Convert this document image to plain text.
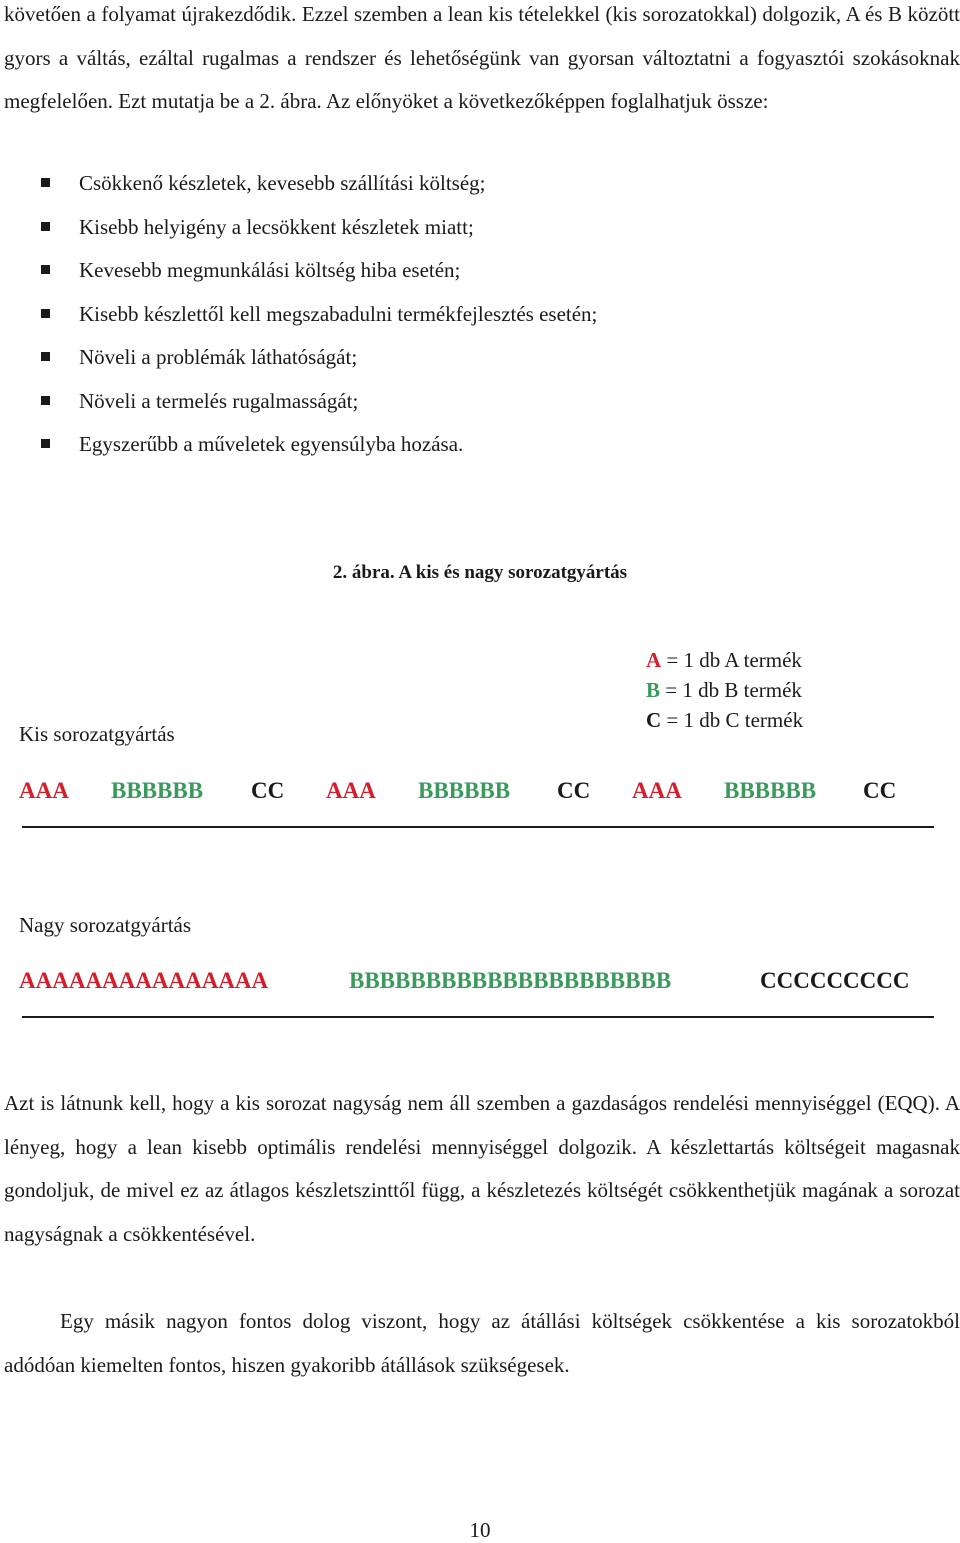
követően a folyamat újrakezdődik. Ezzel szemben a lean kis tételekkel (kis sorozatokkal) dolgozik, A és B között gyors a váltás, ezáltal rugalmas a rendszer és lehetőségünk van gyorsan változtatni a fogyasztói szokásoknak megfelelően. Ezt mutatja be a 2. ábra. Az előnyöket a következőképpen foglalhatjuk össze:

Csökkenő készletek, kevesebb szállítási költség;
Kisebb helyigény a lecsökkent készletek miatt;
Kevesebb megmunkálási költség hiba esetén;
Kisebb készlettől kell megszabadulni termékfejlesztés esetén;
Növeli a problémák láthatóságát;
Növeli a termelés rugalmasságát;
Egyszerűbb a műveletek egyensúlyba hozása.
2. ábra. A kis és nagy sorozatgyártás
A = 1 db A termék
B = 1 db B termék
C = 1 db C termék
Kis sorozatgyártás
AAA BBBBBB CC AAA BBBBBB CC AAA BBBBBB CC
Nagy sorozatgyártás
AAAAAAAAAAAAAAA	BBBBBBBBBBBBBBBBBBBBB	CCCCCCCCC

Azt is látnunk kell, hogy a kis sorozat nagyság nem áll szemben a gazdaságos rendelési mennyiséggel (EQQ). A lényeg, hogy a lean kisebb optimális rendelési mennyiséggel dolgozik. A készlettartás költségeit magasnak gondoljuk, de mivel ez az átlagos készletszinttől függ, a készletezés költségét csökkenthetjük magának a sorozat nagyságnak a csökkentésével.

Egy másik nagyon fontos dolog viszont, hogy az átállási költségek csökkentése a kis sorozatokból adódóan kiemelten fontos, hiszen gyakoribb átállások szükségesek.

10
